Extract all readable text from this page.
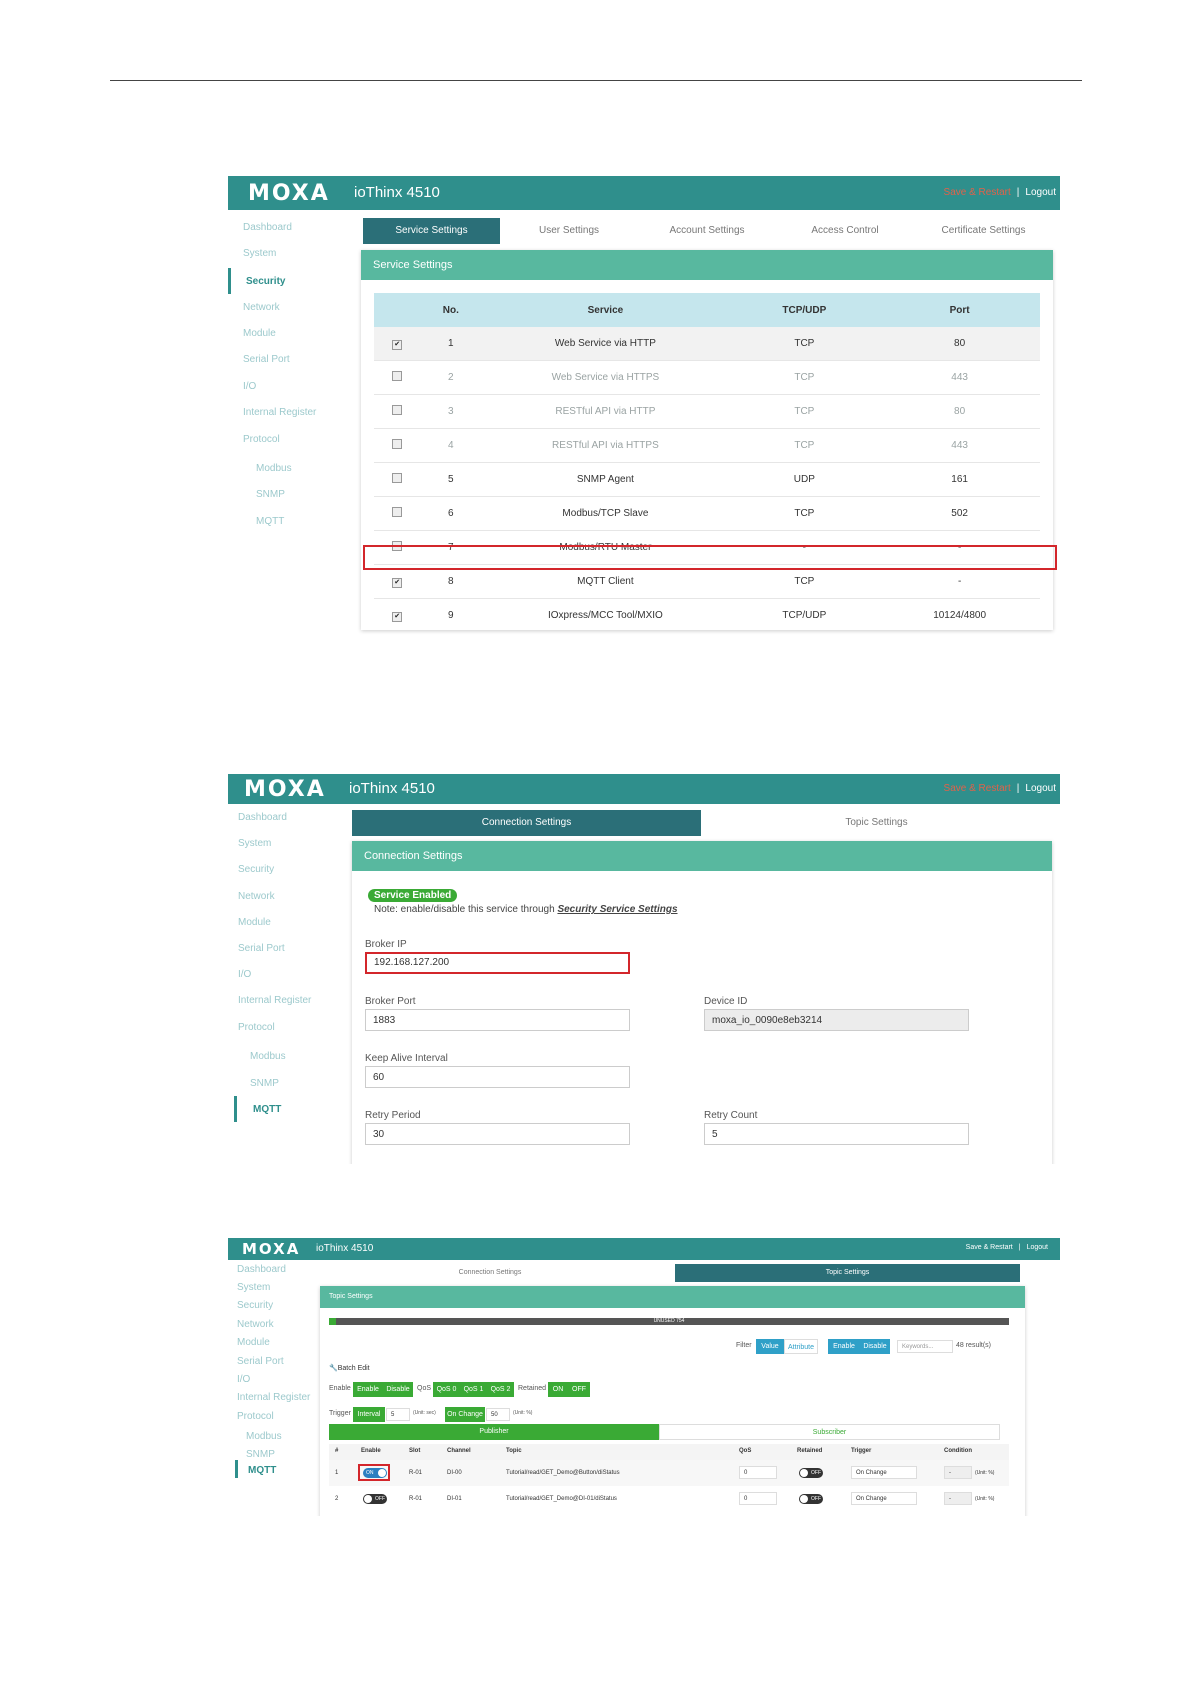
MOXA ioThinx 4510	Save & Restart | Logout
Dashboard
System
Security
Network
Module
Serial Port
I/O
Internal Register
Protocol
Modbus
SNMP
MQTT
Service Settings	User Settings	Account Settings	Access Control	Certificate Settings
Service Settings
	No.	Service	TCP/UDP	Port
✔	1	Web Service via HTTP	TCP	80
	2	Web Service via HTTPS	TCP	443
	3	RESTful API via HTTP	TCP	80
	4	RESTful API via HTTPS	TCP	443
	5	SNMP Agent	UDP	161
	6	Modbus/TCP Slave	TCP	502
	7	Modbus/RTU Master	-	-
✔	8	MQTT Client	TCP	-
✔	9	IOxpress/MCC Tool/MXIO	TCP/UDP	10124/4800
MOXA ioThinx 4510	Save & Restart | Logout
Dashboard
System
Security
Network
Module
Serial Port
I/O
Internal Register
Protocol
Modbus
SNMP
MQTT
Connection Settings	Topic Settings
Connection Settings
Service Enabled
Note: enable/disable this service through Security Service Settings
Broker IP
192.168.127.200
Broker Port
1883
Device ID
moxa_io_0090e8eb3214
Keep Alive Interval
60
Retry Period
30
Retry Count
5
MOXA ioThinx 4510	Save & Restart | Logout
Dashboard
System
Security
Network
Module
Serial Port
I/O
Internal Register
Protocol
Modbus
SNMP
MQTT
Connection Settings	Topic Settings
Topic Settings
UNUSED 754
Filter	Value	Attribute	Enable	Disable	Keywords...	48 result(s)
🔧Batch Edit
Enable Enable	Disable	QoS QoS 0	QoS 1	QoS 2	Retained ON	OFF
Trigger Interval	5	(Unit: sec) On Change	50	(Unit: %)
Publisher	Subscriber
#	Enable	Slot	Channel	Topic	QoS	Retained	Trigger	Condition
1	ON	R-01	DI-00	Tutorial/read/GET_Demo@Button/diStatus	0	OFF	On Change	-	(Unit: %)
2	OFF	R-01	DI-01	Tutorial/read/GET_Demo@DI-01/diStatus	0	OFF	On Change	-	(Unit: %)
